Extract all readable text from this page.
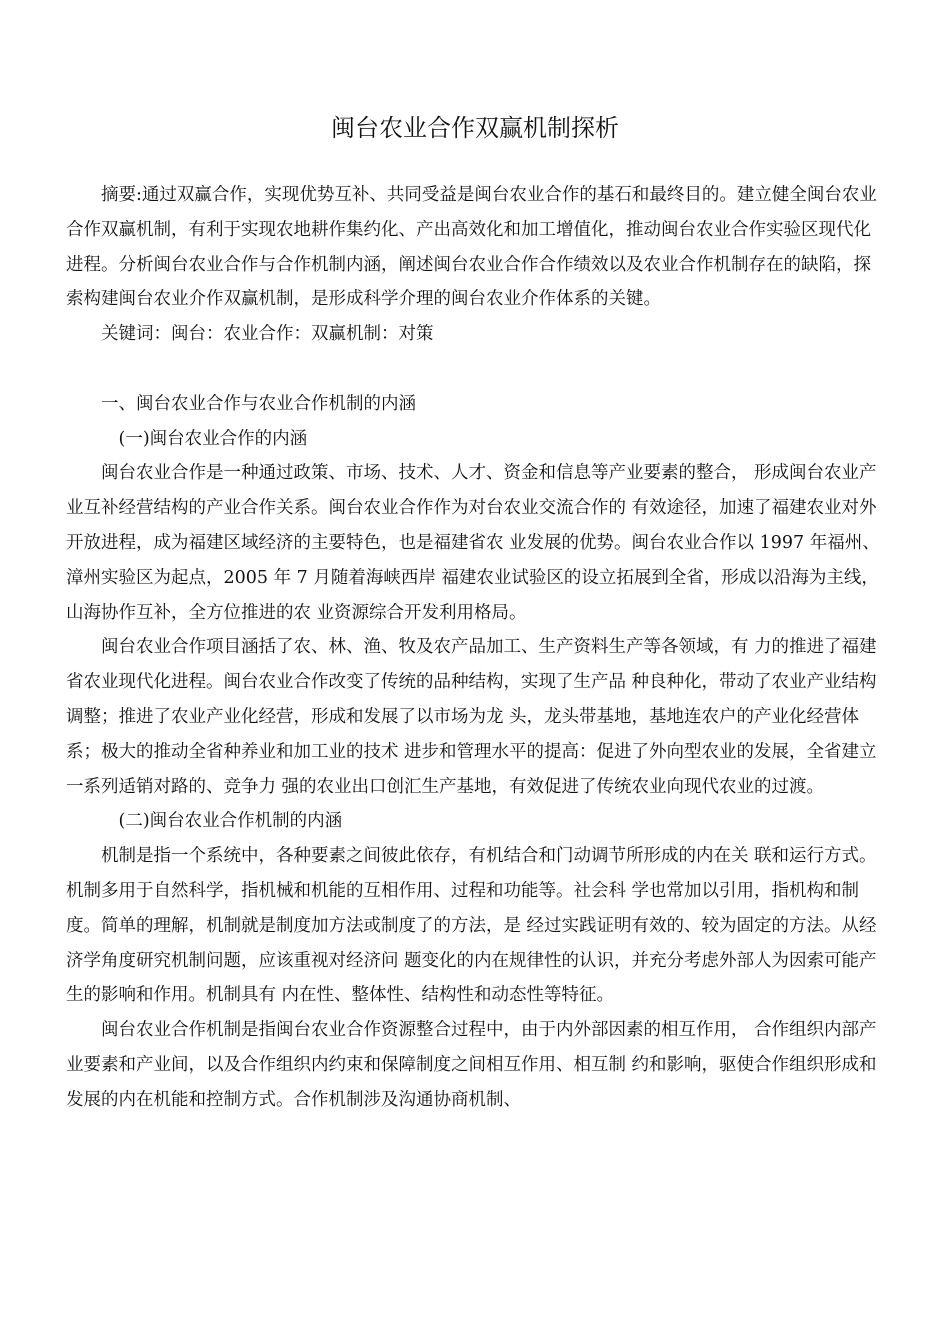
闽台农业合作双赢机制探析

摘要:通过双赢合作，实现优势互补、共同受益是闽台农业合作的基石和最终目的。建立健全闽台农业合作双赢机制，有利于实现农地耕作集约化、产出高效化和加工增值化，推动闽台农业合作实验区现代化进程。分析闽台农业合作与合作机制内涵，阐述闽台农业合作合作绩效以及农业合作机制存在的缺陷，探索构建闽台农业介作双赢机制，是形成科学介理的闽台农业介作体系的关键。

关键词：闽台：农业合作：双赢机制：对策

一、闽台农业合作与农业合作机制的内涵

(一)闽台农业合作的内涵

闽台农业合作是一种通过政策、市场、技术、人才、资金和信息等产业要素的整合， 形成闽台农业产业互补经营结构的产业合作关系。闽台农业合作作为对台农业交流合作的 有效途径，加速了福建农业对外开放进程，成为福建区域经济的主要特色，也是福建省农 业发展的优势。闽台农业合作以 1997 年福州、漳州实验区为起点，2005 年 7 月随着海峡西岸 福建农业试验区的设立拓展到全省，形成以沿海为主线，山海协作互补，全方位推进的农 业资源综合开发利用格局。

闽台农业合作项目涵括了农、林、渔、牧及农产品加工、生产资料生产等各领域，有 力的推进了福建省农业现代化进程。闽台农业合作改变了传统的品种结构，实现了生产品 种良种化，带动了农业产业结构调整；推进了农业产业化经营，形成和发展了以市场为龙 头，龙头带基地，基地连农户的产业化经营体系；极大的推动全省种养业和加工业的技术 进步和管理水平的提高：促进了外向型农业的发展，全省建立一系列适销对路的、竞争力 强的农业出口创汇生产基地，有效促进了传统农业向现代农业的过渡。

(二)闽台农业合作机制的内涵

机制是指一个系统中，各种要素之间彼此依存，有机结合和门动调节所形成的内在关 联和运行方式。机制多用于自然科学，指机械和机能的互相作用、过程和功能等。社会科 学也常加以引用，指机构和制度。简单的理解，机制就是制度加方法或制度了的方法，是 经过实践证明有效的、较为固定的方法。从经济学角度研究机制问题，应该重视对经济问 题变化的内在规律性的认识，并充分考虑外部人为因索可能产生的影响和作用。机制具有 内在性、整体性、结构性和动态性等特征。

闽台农业合作机制是指闽台农业合作资源整合过程中，由于内外部因素的相互作用， 合作组织内部产业要素和产业间，以及合作组织内约束和保障制度之间相互作用、相互制 约和影响，驱使合作组织形成和发展的内在机能和控制方式。合作机制涉及沟通协商机制、
